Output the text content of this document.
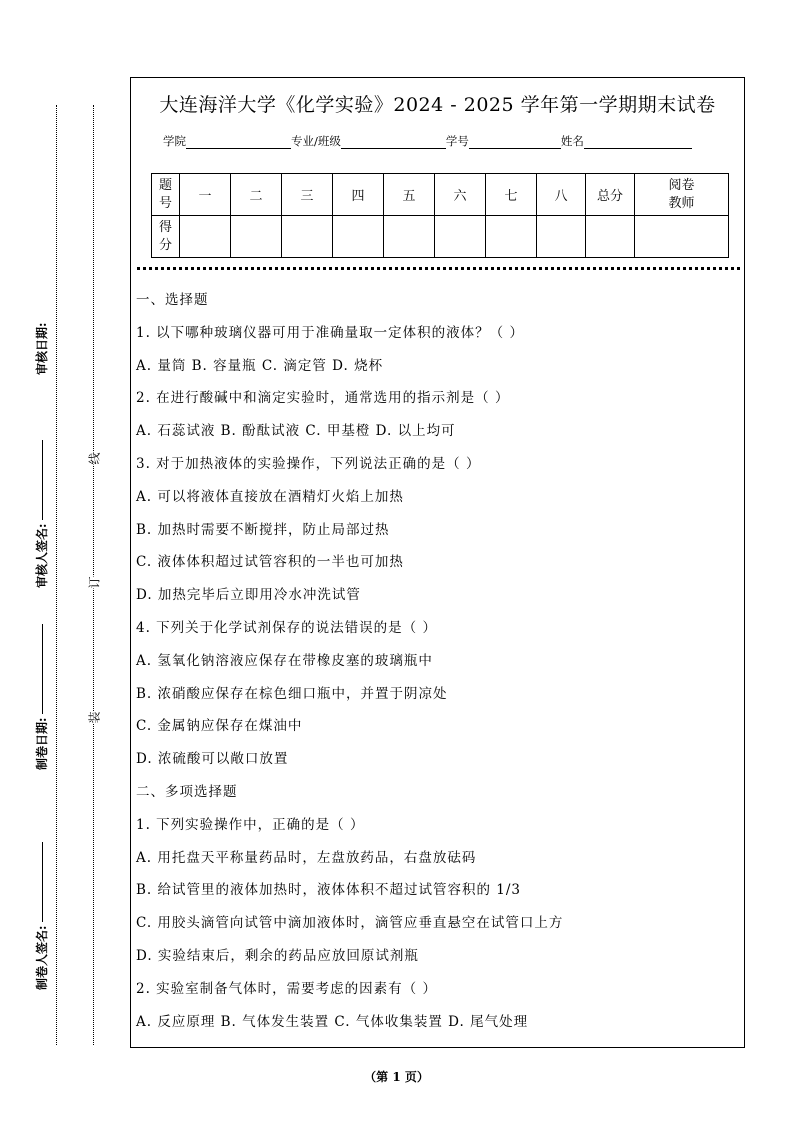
审核日期:
审核人签名:
制卷日期:
制卷人签名:
线
订
装
大连海洋大学《化学实验》2024 - 2025 学年第一学期期末试卷
学院	专业/班级	学号	姓名
题号	一	二	三	四	五	六	七	八	总分	阅卷教师
得分										
一、选择题
1. 以下哪种玻璃仪器可用于准确量取一定体积的液体？（ ）
A. 量筒 B. 容量瓶 C. 滴定管 D. 烧杯
2. 在进行酸碱中和滴定实验时，通常选用的指示剂是（ ）
A. 石蕊试液 B. 酚酞试液 C. 甲基橙 D. 以上均可
3. 对于加热液体的实验操作，下列说法正确的是（ ）
A. 可以将液体直接放在酒精灯火焰上加热
B. 加热时需要不断搅拌，防止局部过热
C. 液体体积超过试管容积的一半也可加热
D. 加热完毕后立即用冷水冲洗试管
4. 下列关于化学试剂保存的说法错误的是（ ）
A. 氢氧化钠溶液应保存在带橡皮塞的玻璃瓶中
B. 浓硝酸应保存在棕色细口瓶中，并置于阴凉处
C. 金属钠应保存在煤油中
D. 浓硫酸可以敞口放置
二、多项选择题
1. 下列实验操作中，正确的是（ ）
A. 用托盘天平称量药品时，左盘放药品，右盘放砝码
B. 给试管里的液体加热时，液体体积不超过试管容积的 1/3
C. 用胶头滴管向试管中滴加液体时，滴管应垂直悬空在试管口上方
D. 实验结束后，剩余的药品应放回原试剂瓶
2. 实验室制备气体时，需要考虑的因素有（ ）
A. 反应原理 B. 气体发生装置 C. 气体收集装置 D. 尾气处理
（第 1 页）
